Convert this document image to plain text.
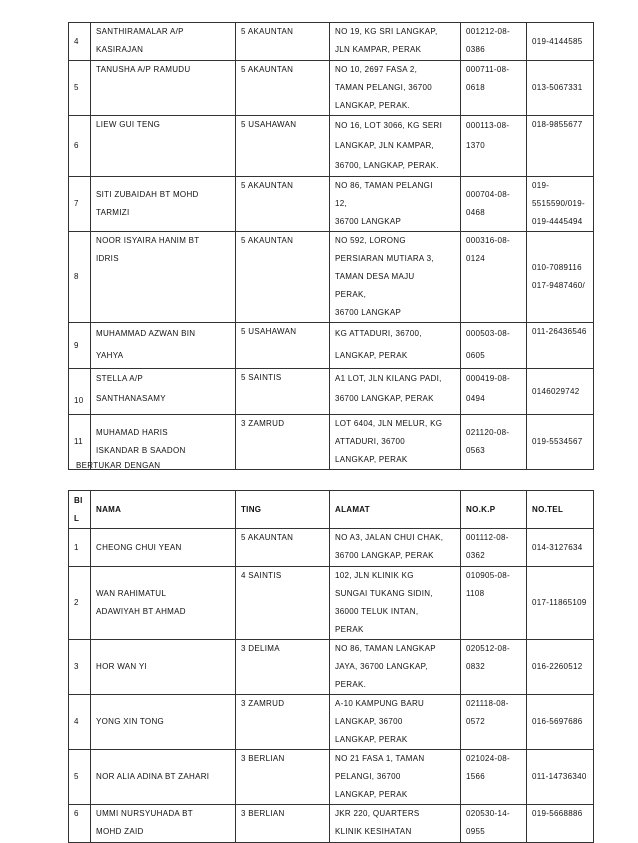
4	SANTHIRAMALAR A/P
KASIRAJAN	5 AKAUNTAN	NO 19, KG SRI LANGKAP,
JLN KAMPAR, PERAK	001212-08-
0386	019-4144585
5	TANUSHA A/P RAMUDU	5 AKAUNTAN	NO 10, 2697 FASA 2,
TAMAN PELANGI, 36700
LANGKAP, PERAK.	000711-08-
0618	013-5067331
6	LIEW GUI TENG	5 USAHAWAN	NO 16, LOT 3066, KG SERI
LANGKAP, JLN KAMPAR,
36700, LANGKAP, PERAK.	000113-08-
1370	018-9855677
7	SITI ZUBAIDAH BT MOHD
TARMIZI	5 AKAUNTAN	NO 86, TAMAN PELANGI
12,
36700 LANGKAP	000704-08-
0468	019-
5515590/019-
019-4445494

8	NOOR ISYAIRA HANIM BT
IDRIS	5 AKAUNTAN	NO 592, LORONG
PERSIARAN MUTIARA 3,
TAMAN DESA MAJU
PERAK,
36700 LANGKAP	000316-08-
0124	010-7089116
017-9487460/

9	MUHAMMAD AZWAN BIN
YAHYA	5 USAHAWAN	KG ATTADURI, 36700,
LANGKAP, PERAK	000503-08-
0605	011-26436546
10	STELLA A/P
SANTHANASAMY	5 SAINTIS	A1 LOT, JLN KILANG PADI,
36700 LANGKAP, PERAK	000419-08-
0494	0146029742
11	MUHAMAD HARIS
ISKANDAR B SAADON	3 ZAMRUD	LOT 6404, JLN MELUR, KG
ATTADURI, 36700
LANGKAP, PERAK	021120-08-
0563	019-5534567
BERTUKAR DENGAN
BIL	NAMA	TING	ALAMAT	NO.K.P	NO.TEL
1	CHEONG CHUI YEAN	5 AKAUNTAN	NO A3, JALAN CHUI CHAK,
36700 LANGKAP, PERAK	001112-08-
0362	014-3127634
2	WAN RAHIMATUL
ADAWIYAH BT AHMAD	4 SAINTIS	102, JLN KLINIK KG
SUNGAI TUKANG SIDIN,
36000 TELUK INTAN,
PERAK	010905-08-
1108	017-11865109
3	HOR WAN YI	3 DELIMA	NO 86, TAMAN LANGKAP
JAYA, 36700 LANGKAP,
PERAK.	020512-08-
0832	016-2260512
4	YONG XIN TONG	3 ZAMRUD	A-10 KAMPUNG BARU
LANGKAP, 36700
LANGKAP, PERAK	021118-08-
0572	016-5697686
5	NOR ALIA ADINA BT ZAHARI	3 BERLIAN	NO 21 FASA 1, TAMAN
PELANGI, 36700
LANGKAP, PERAK	021024-08-
1566	011-14736340
6	UMMI NURSYUHADA BT
MOHD ZAID	3 BERLIAN	JKR 220, QUARTERS
KLINIK KESIHATAN	020530-14-
0955	019-5668886
